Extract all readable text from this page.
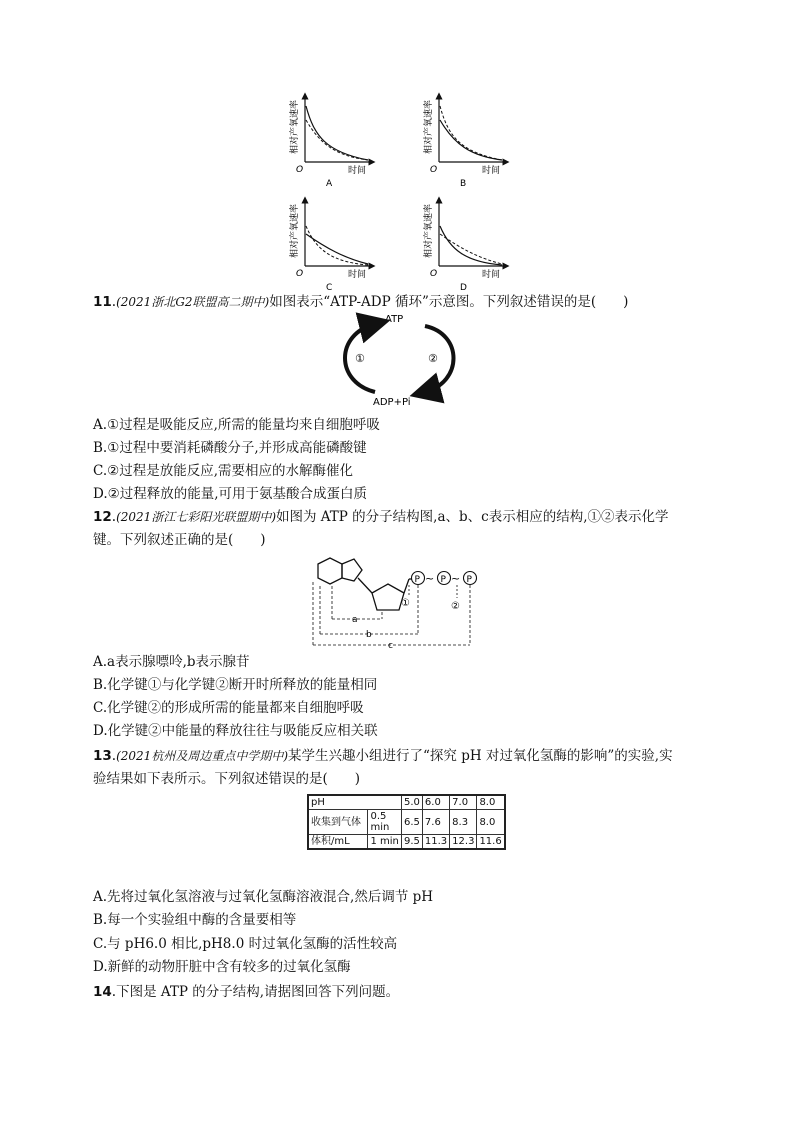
相对产氧速率
O	时间
A
相对产氧速率
O	时间
B
相对产氧速率
O	时间
C
相对产氧速率
O	时间
D
11.(2021浙北G2联盟高二期中)如图表示“ATP-ADP 循环”示意图。下列叙述错误的是(　　)
ATP
ADP+Pi
①	②
A.①过程是吸能反应,所需的能量均来自细胞呼吸
B.①过程中要消耗磷酸分子,并形成高能磷酸键
C.②过程是放能反应,需要相应的水解酶催化
D.②过程释放的能量,可用于氨基酸合成蛋白质
12.(2021浙江七彩阳光联盟期中)如图为 ATP 的分子结构图,a、b、c表示相应的结构,①②表示化学
键。下列叙述正确的是(　　)
P ~ P ~ P
①	②
a
b
c
A.a表示腺嘌呤,b表示腺苷
B.化学键①与化学键②断开时所释放的能量相同
C.化学键②的形成所需的能量都来自细胞呼吸
D.化学键②中能量的释放往往与吸能反应相关联
13.(2021杭州及周边重点中学期中)某学生兴趣小组进行了“探究 pH 对过氧化氢酶的影响”的实验,实
验结果如下表所示。下列叙述错误的是(　　)
pH		5.0	6.0	7.0	8.0
收集到气体	0.5 min	6.5	7.6	8.3	8.0
体积/mL	1 min	9.5	11.3	12.3	11.6
A.先将过氧化氢溶液与过氧化氢酶溶液混合,然后调节 pH
B.每一个实验组中酶的含量要相等
C.与 pH6.0 相比,pH8.0 时过氧化氢酶的活性较高
D.新鲜的动物肝脏中含有较多的过氧化氢酶
14.下图是 ATP 的分子结构,请据图回答下列问题。
